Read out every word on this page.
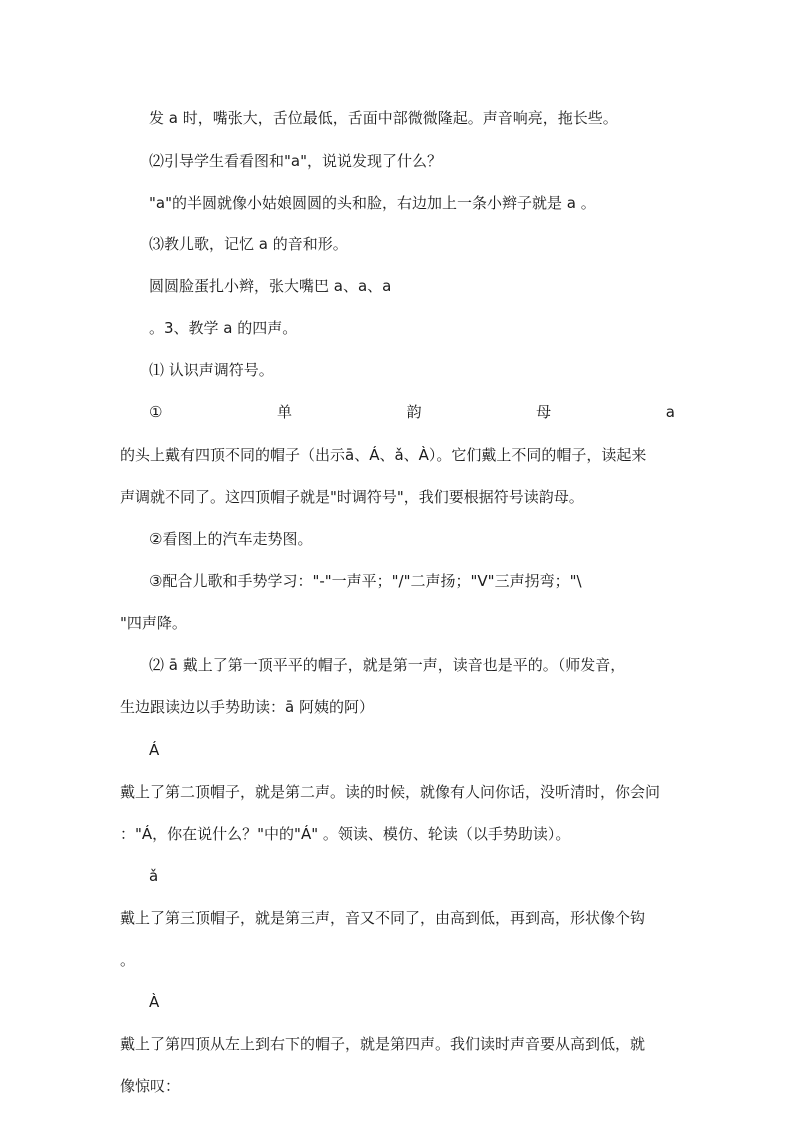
发 a 时，嘴张大，舌位最低，舌面中部微微隆起。声音响亮，拖长些。
⑵引导学生看看图和"a"，说说发现了什么？
"a"的半圆就像小姑娘圆圆的头和脸，右边加上一条小辫子就是 a 。
⑶教儿歌，记忆 a 的音和形。
圆圆脸蛋扎小辫，张大嘴巴 a、a、a
。3、教学 a 的四声。
⑴ 认识声调符号。
①	单	韵	母	a
的头上戴有四顶不同的帽子（出示ā、Á、ǎ、À）。它们戴上不同的帽子，读起来
声调就不同了。这四顶帽子就是"时调符号"，我们要根据符号读韵母。
②看图上的汽车走势图。
③配合儿歌和手势学习："-"一声平；"/"二声扬；"V"三声拐弯；"\
"四声降。
⑵ ā 戴上了第一顶平平的帽子，就是第一声，读音也是平的。（师发音，
生边跟读边以手势助读：ā 阿姨的阿）
Á
戴上了第二顶帽子，就是第二声。读的时候，就像有人问你话，没听清时，你会问
："Á，你在说什么？"中的"Á" 。领读、模仿、轮读（以手势助读）。
ǎ
戴上了第三顶帽子，就是第三声，音又不同了，由高到低，再到高，形状像个钩
。
À
戴上了第四顶从左上到右下的帽子，就是第四声。我们读时声音要从高到低，就
像惊叹：
